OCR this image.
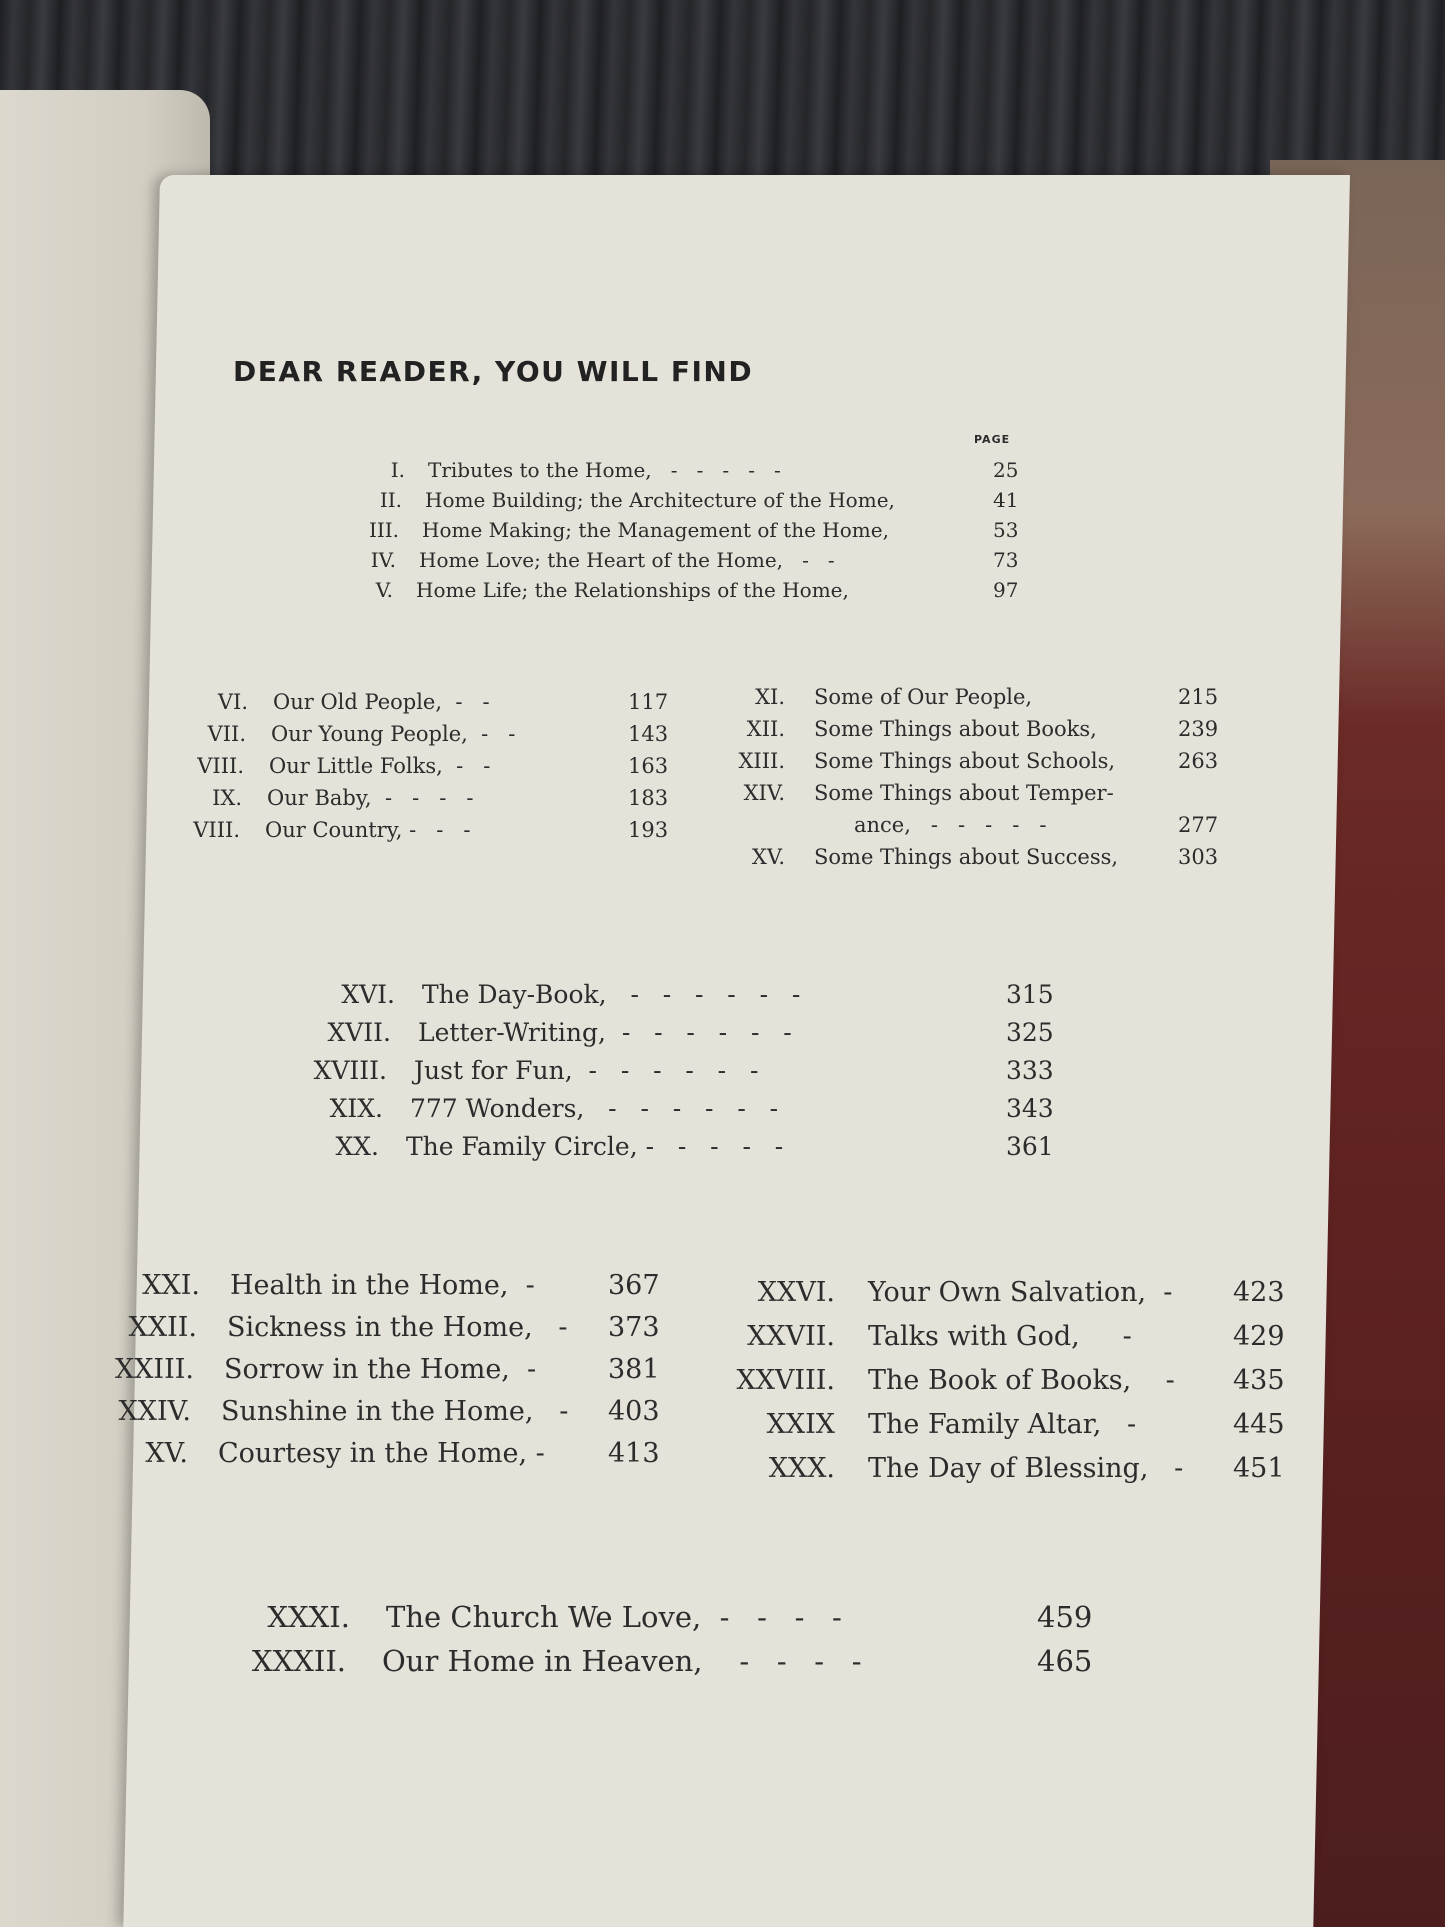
DEAR READER, YOU WILL FIND
PAGE
I. Tributes to the Home,   -   -   -   -   -	25
II. Home Building; the Architecture of the Home,	41
III. Home Making; the Management of the Home,	53
IV. Home Love; the Heart of the Home,   -   -	73
V. Home Life; the Relationships of the Home,	97
VI. Our Old People,  -   -	117
VII. Our Young People,  -   -	143
VIII. Our Little Folks,  -   -	163
IX. Our Baby,  -   -   -   -	183
VIII. Our Country, -   -   -	193
XI. Some of Our People,	215
XII. Some Things about Books,	239
XIII. Some Things about Schools,	263
XIV. Some Things about Temper-
ance,   -   -   -   -   -	277
XV. Some Things about Success,	303
XVI. The Day-Book,   -   -   -   -   -   -	315
XVII. Letter-Writing,  -   -   -   -   -   -	325
XVIII. Just for Fun,  -   -   -   -   -   -	333
XIX. 777 Wonders,   -   -   -   -   -   -	343
XX. The Family Circle, -   -   -   -   -	361
XXI. Health in the Home,  -	367
XXII. Sickness in the Home,   - 373
XXIII. Sorrow in the Home,  -	381
XXIV. Sunshine in the Home,   - 403
XV. Courtesy in the Home, - 413
XXVI. Your Own Salvation,  - 423
XXVII. Talks with God,     -	429
XXVIII. The Book of Books,    - 435
XXIX The Family Altar,   -	445
XXX. The Day of Blessing,   - 451
XXXI. The Church We Love,  -   -   -   -	459
XXXII. Our Home in Heaven,    -   -   -   -	465
